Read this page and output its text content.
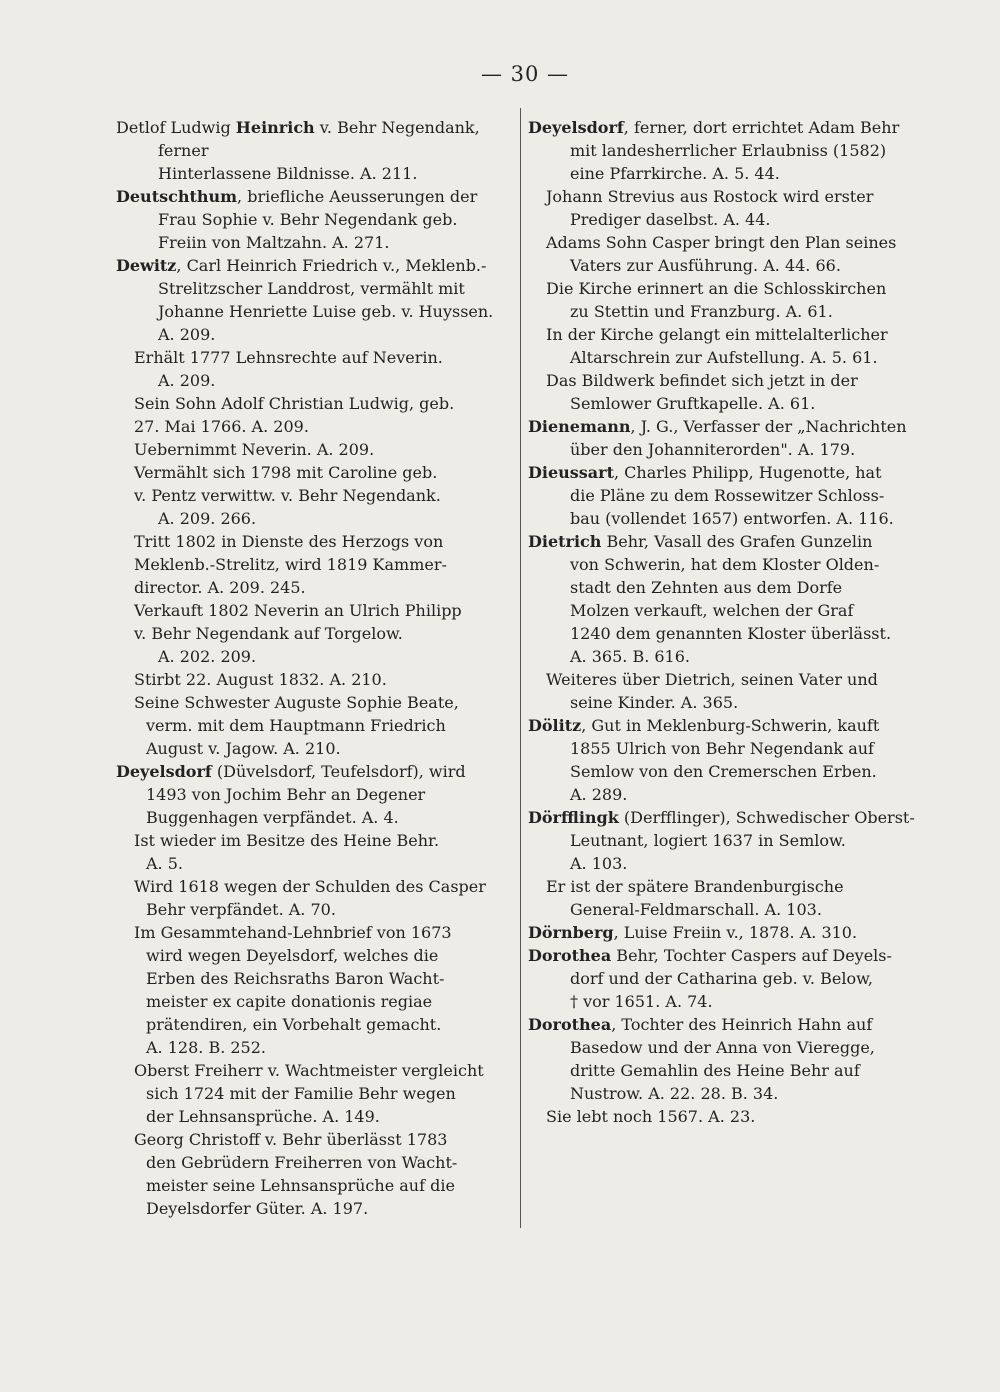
— 30 —
Detlof Ludwig Heinrich v. Behr Negendank,
ferner
Hinterlassene Bildnisse. A. 211.
Deutschthum, briefliche Aeusserungen der
Frau Sophie v. Behr Negendank geb.
Freiin von Maltzahn. A. 271.
Dewitz, Carl Heinrich Friedrich v., Meklenb.-
Strelitzscher Landdrost, vermählt mit
Johanne Henriette Luise geb. v. Huyssen.
A. 209.
Erhält 1777 Lehnsrechte auf Neverin.
A. 209.
Sein Sohn Adolf Christian Ludwig, geb.
27. Mai 1766. A. 209.
Uebernimmt Neverin. A. 209.
Vermählt sich 1798 mit Caroline geb.
v. Pentz verwittw. v. Behr Negendank.
A. 209. 266.
Tritt 1802 in Dienste des Herzogs von
Meklenb.-Strelitz, wird 1819 Kammer-
director. A. 209. 245.
Verkauft 1802 Neverin an Ulrich Philipp
v. Behr Negendank auf Torgelow.
A. 202. 209.
Stirbt 22. August 1832. A. 210.
Seine Schwester Auguste Sophie Beate,
verm. mit dem Hauptmann Friedrich
August v. Jagow. A. 210.
Deyelsdorf (Düvelsdorf, Teufelsdorf), wird
1493 von Jochim Behr an Degener
Buggenhagen verpfändet. A. 4.
Ist wieder im Besitze des Heine Behr.
A. 5.
Wird 1618 wegen der Schulden des Casper
Behr verpfändet. A. 70.
Im Gesammtehand-Lehnbrief von 1673
wird wegen Deyelsdorf, welches die
Erben des Reichsraths Baron Wacht-
meister ex capite donationis regiae
prätendiren, ein Vorbehalt gemacht.
A. 128. B. 252.
Oberst Freiherr v. Wachtmeister vergleicht
sich 1724 mit der Familie Behr wegen
der Lehnsansprüche. A. 149.
Georg Christoff v. Behr überlässt 1783
den Gebrüdern Freiherren von Wacht-
meister seine Lehnsansprüche auf die
Deyelsdorfer Güter. A. 197.
Deyelsdorf, ferner, dort errichtet Adam Behr
mit landesherrlicher Erlaubniss (1582)
eine Pfarrkirche. A. 5. 44.
Johann Strevius aus Rostock wird erster
Prediger daselbst. A. 44.
Adams Sohn Casper bringt den Plan seines
Vaters zur Ausführung. A. 44. 66.
Die Kirche erinnert an die Schlosskirchen
zu Stettin und Franzburg. A. 61.
In der Kirche gelangt ein mittelalterlicher
Altarschrein zur Aufstellung. A. 5. 61.
Das Bildwerk befindet sich jetzt in der
Semlower Gruftkapelle. A. 61.
Dienemann, J. G., Verfasser der „Nachrichten
über den Johanniterorden". A. 179.
Dieussart, Charles Philipp, Hugenotte, hat
die Pläne zu dem Rossewitzer Schloss-
bau (vollendet 1657) entworfen. A. 116.
Dietrich Behr, Vasall des Grafen Gunzelin
von Schwerin, hat dem Kloster Olden-
stadt den Zehnten aus dem Dorfe
Molzen verkauft, welchen der Graf
1240 dem genannten Kloster überlässt.
A. 365. B. 616.
Weiteres über Dietrich, seinen Vater und
seine Kinder. A. 365.
Dölitz, Gut in Meklenburg-Schwerin, kauft
1855 Ulrich von Behr Negendank auf
Semlow von den Cremerschen Erben.
A. 289.
Dörfflingk (Derfflinger), Schwedischer Oberst-
Leutnant, logiert 1637 in Semlow.
A. 103.
Er ist der spätere Brandenburgische
General-Feldmarschall. A. 103.
Dörnberg, Luise Freiin v., 1878. A. 310.
Dorothea Behr, Tochter Caspers auf Deyels-
dorf und der Catharina geb. v. Below,
† vor 1651. A. 74.
Dorothea, Tochter des Heinrich Hahn auf
Basedow und der Anna von Vieregge,
dritte Gemahlin des Heine Behr auf
Nustrow. A. 22. 28. B. 34.
Sie lebt noch 1567. A. 23.
